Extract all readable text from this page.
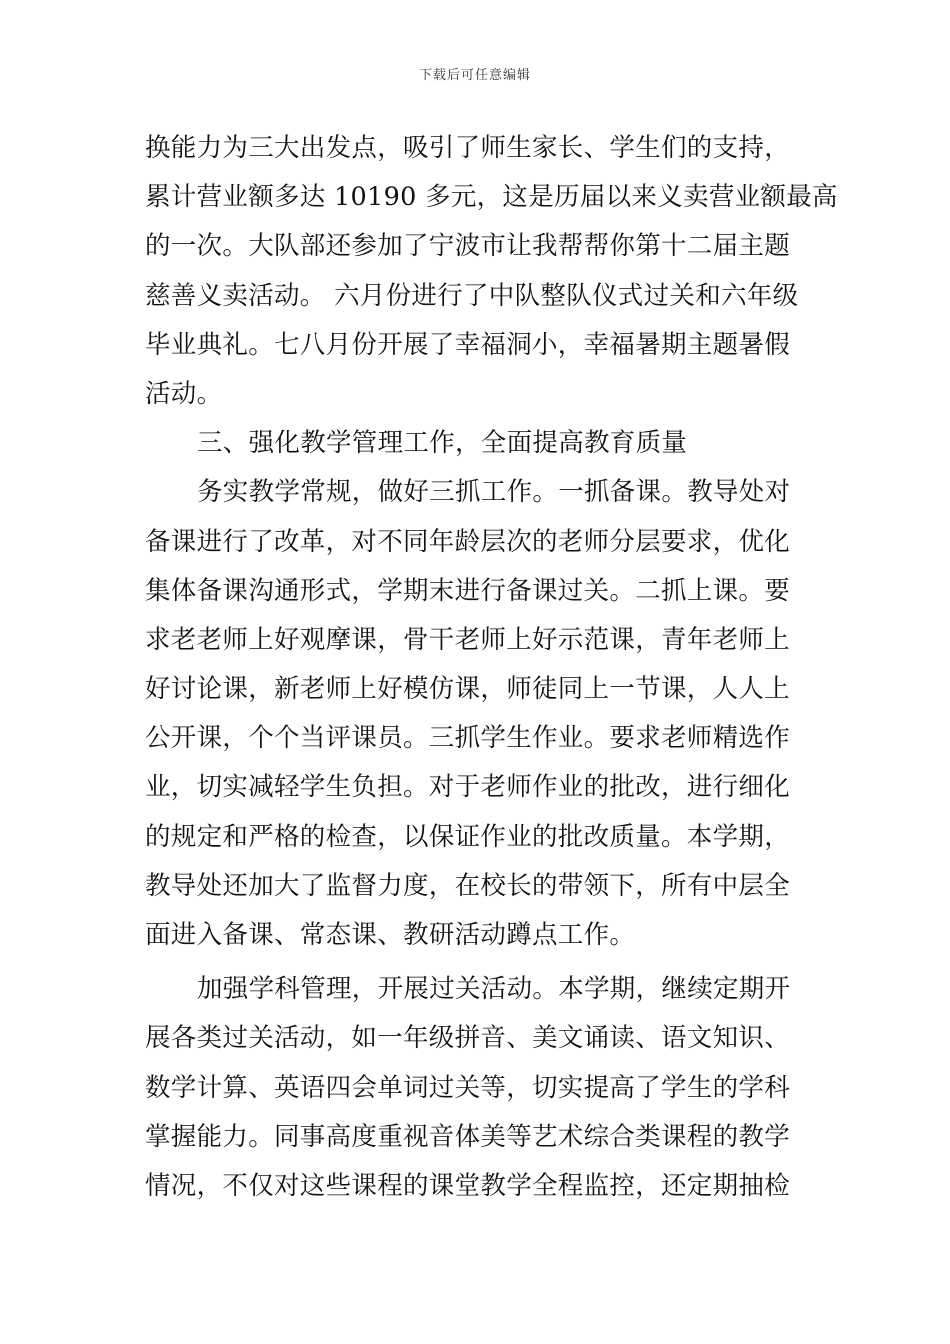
下载后可任意编辑
换能力为三大出发点，吸引了师生家长、学生们的支持，
累计营业额多达 10190 多元，这是历届以来义卖营业额最高
的一次。大队部还参加了宁波市让我帮帮你第十二届主题
慈善义卖活动。 六月份进行了中队整队仪式过关和六年级
毕业典礼。七八月份开展了幸福洞小，幸福暑期主题暑假
活动。
三、强化教学管理工作，全面提高教育质量
务实教学常规，做好三抓工作。一抓备课。教导处对
备课进行了改革，对不同年龄层次的老师分层要求，优化
集体备课沟通形式，学期末进行备课过关。二抓上课。要
求老老师上好观摩课，骨干老师上好示范课，青年老师上
好讨论课，新老师上好模仿课，师徒同上一节课，人人上
公开课，个个当评课员。三抓学生作业。要求老师精选作
业，切实减轻学生负担。对于老师作业的批改，进行细化
的规定和严格的检查，以保证作业的批改质量。本学期，
教导处还加大了监督力度，在校长的带领下，所有中层全
面进入备课、常态课、教研活动蹲点工作。
加强学科管理，开展过关活动。本学期，继续定期开
展各类过关活动，如一年级拼音、美文诵读、语文知识、
数学计算、英语四会单词过关等，切实提高了学生的学科
掌握能力。同事高度重视音体美等艺术综合类课程的教学
情况，不仅对这些课程的课堂教学全程监控，还定期抽检
